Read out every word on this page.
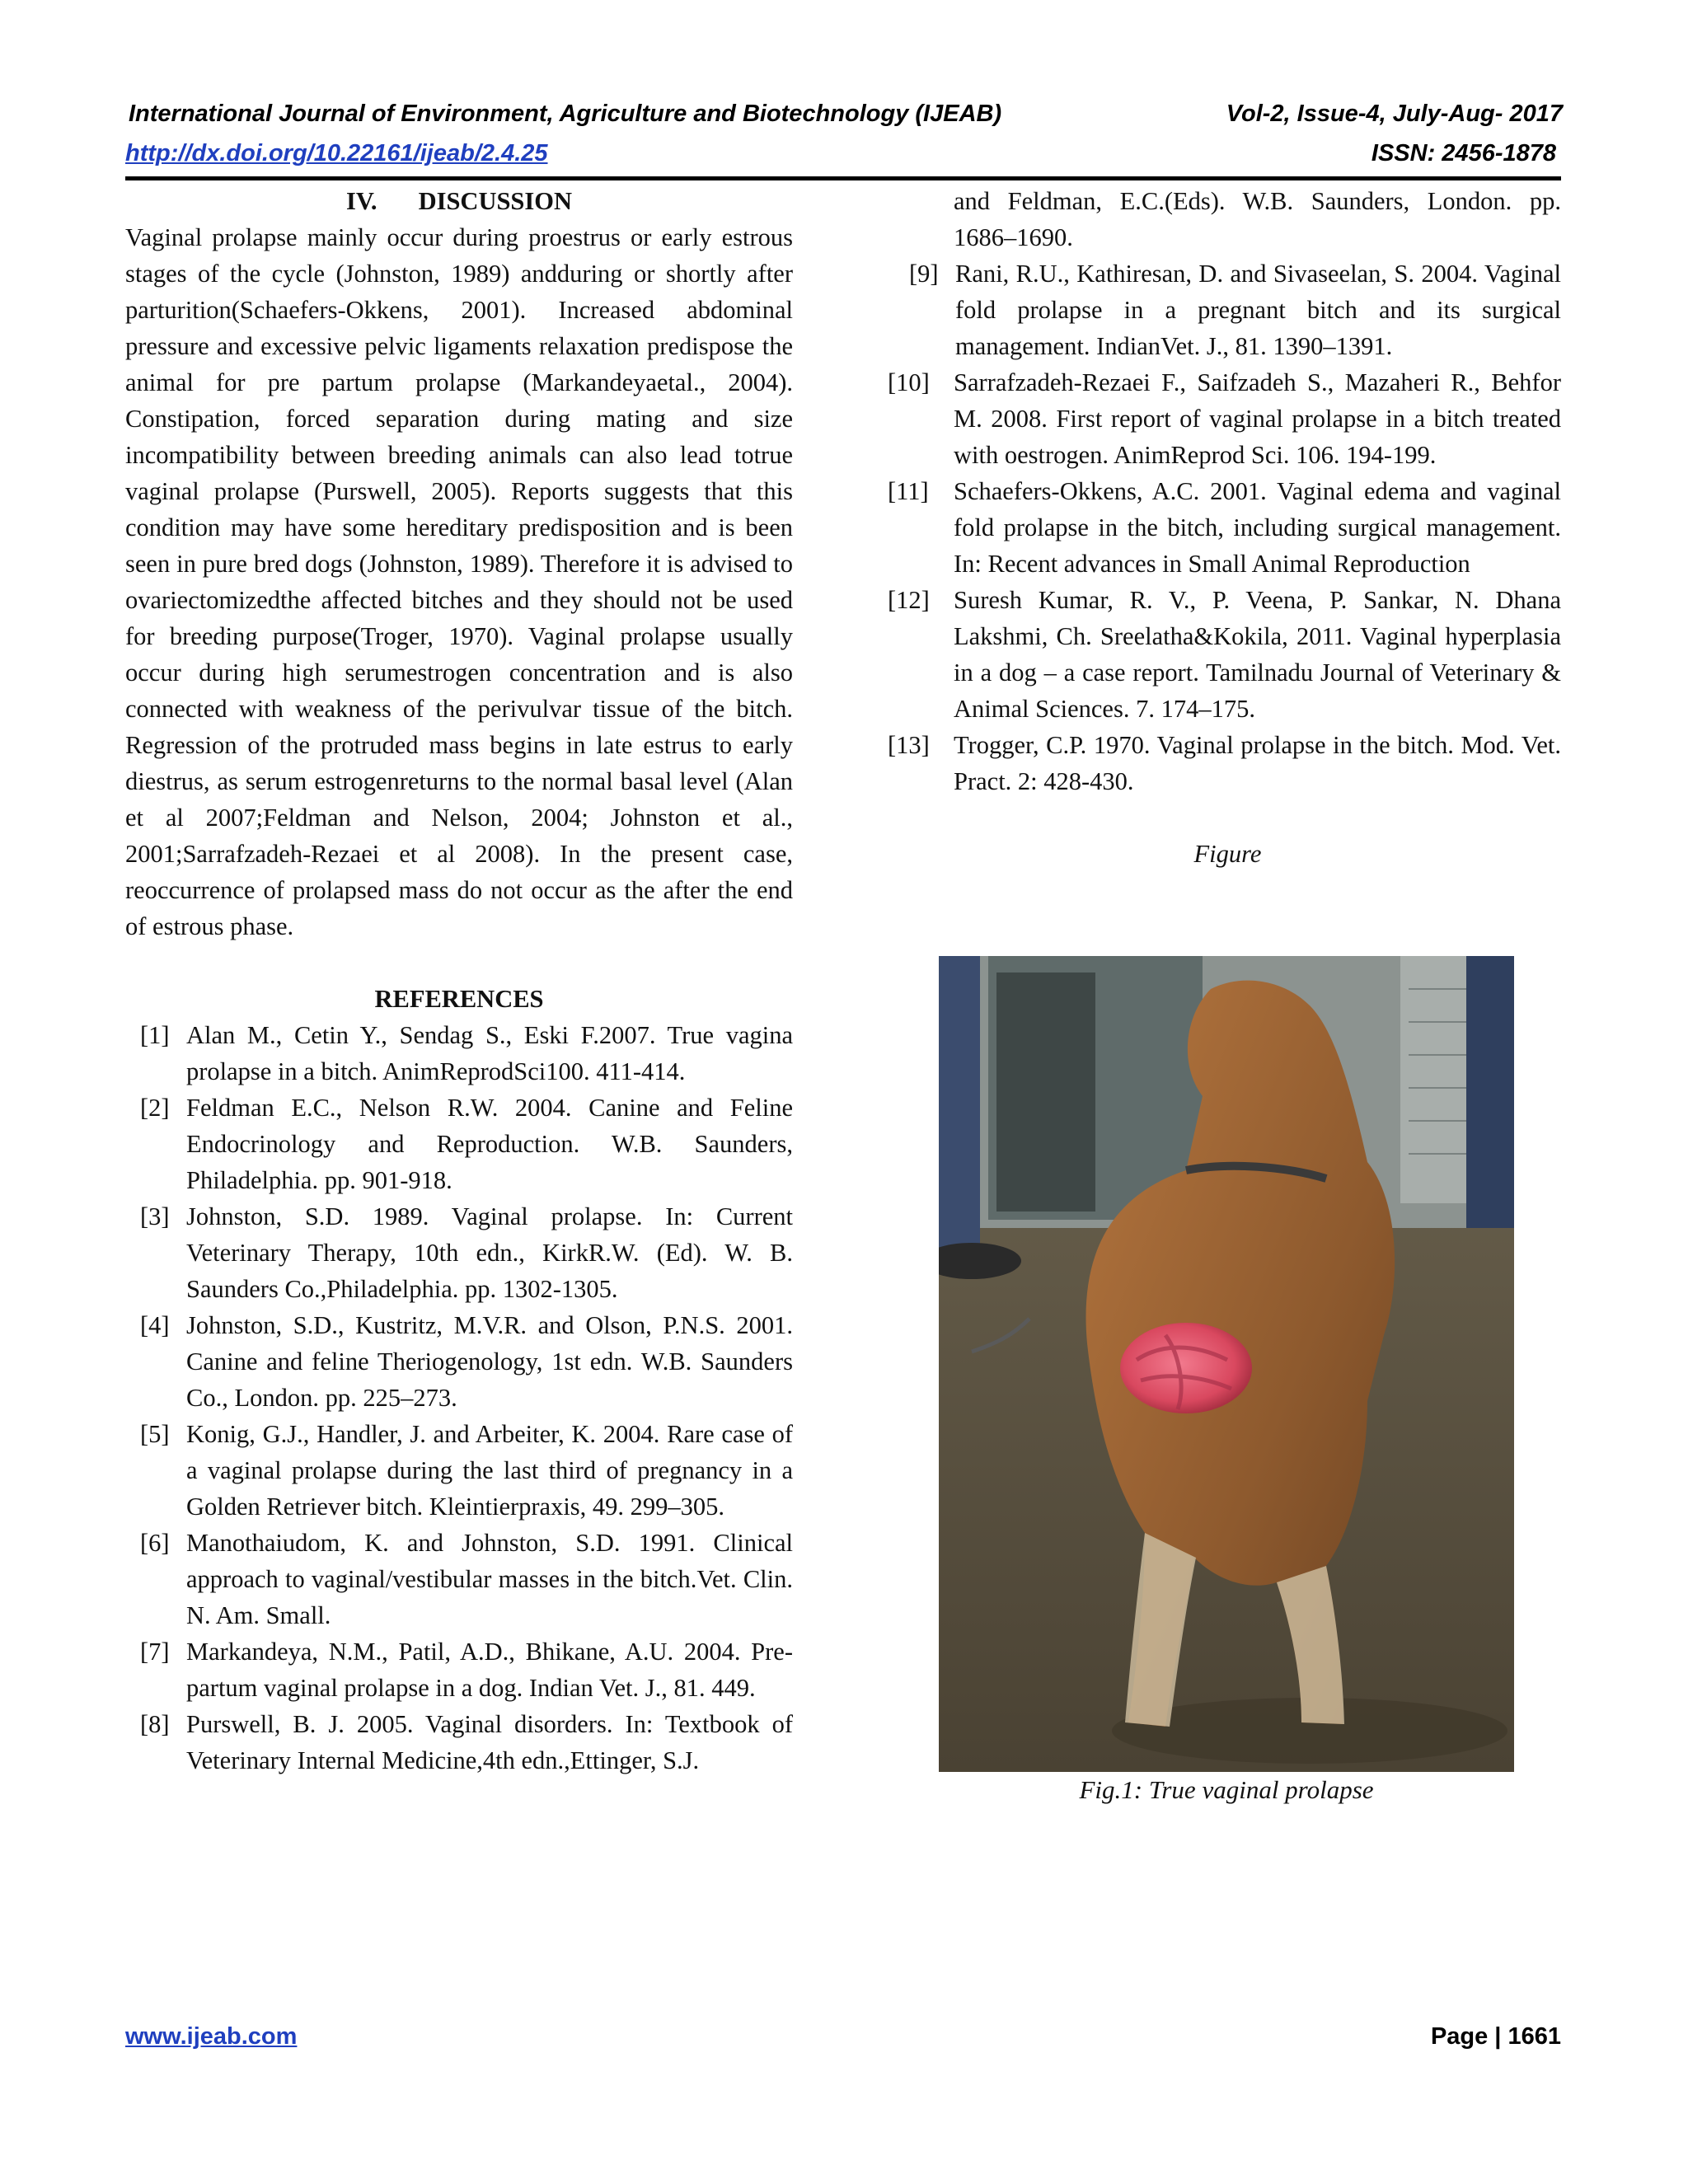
International Journal of Environment, Agriculture and Biotechnology (IJEAB)	Vol-2, Issue-4, July-Aug- 2017
http://dx.doi.org/10.22161/ijeab/2.4.25	ISSN: 2456-1878
IV. DISCUSSION

Vaginal prolapse mainly occur during proestrus or early estrous stages of the cycle (Johnston, 1989) andduring or shortly after parturition(Schaefers-Okkens, 2001). Increased abdominal pressure and excessive pelvic ligaments relaxation predispose the animal for pre partum prolapse (Markandeyaetal., 2004). Constipation, forced separation during mating and size incompatibility between breeding animals can also lead totrue vaginal prolapse (Purswell, 2005). Reports suggests that this condition may have some hereditary predisposition and is been seen in pure bred dogs (Johnston, 1989). Therefore it is advised to ovariectomizedthe affected bitches and they should not be used for breeding purpose(Troger, 1970). Vaginal prolapse usually occur during high serumestrogen concentration and is also connected with weakness of the perivulvar tissue of the bitch. Regression of the protruded mass begins in late estrus to early diestrus, as serum estrogenreturns to the normal basal level (Alan et al 2007;Feldman and Nelson, 2004; Johnston et al., 2001;Sarrafzadeh-Rezaei et al 2008). In the present case, reoccurrence of prolapsed mass do not occur as the after the end of estrous phase.

REFERENCES
[1] Alan M., Cetin Y., Sendag S., Eski F.2007. True vagina prolapse in a bitch. AnimReprodSci100. 411-414.
[2] Feldman E.C., Nelson R.W. 2004. Canine and Feline Endocrinology and Reproduction. W.B. Saunders, Philadelphia. pp. 901-918.
[3] Johnston, S.D. 1989. Vaginal prolapse. In: Current Veterinary Therapy, 10th edn., KirkR.W. (Ed). W. B. Saunders Co.,Philadelphia. pp. 1302-1305.
[4] Johnston, S.D., Kustritz, M.V.R. and Olson, P.N.S. 2001. Canine and feline Theriogenology, 1st edn. W.B. Saunders Co., London. pp. 225–273.
[5] Konig, G.J., Handler, J. and Arbeiter, K. 2004. Rare case of a vaginal prolapse during the last third of pregnancy in a Golden Retriever bitch. Kleintierpraxis, 49. 299–305.
[6] Manothaiudom, K. and Johnston, S.D. 1991. Clinical approach to vaginal/vestibular masses in the bitch.Vet. Clin. N. Am. Small.
[7] Markandeya, N.M., Patil, A.D., Bhikane, A.U. 2004. Pre-partum vaginal prolapse in a dog. Indian Vet. J., 81. 449.
[8] Purswell, B. J. 2005. Vaginal disorders. In: Textbook of Veterinary Internal Medicine,4th edn.,Ettinger, S.J.
and Feldman, E.C.(Eds). W.B. Saunders, London. pp. 1686–1690.
[9] Rani, R.U., Kathiresan, D. and Sivaseelan, S. 2004. Vaginal fold prolapse in a pregnant bitch and its surgical management. IndianVet. J., 81. 1390–1391.
[10] Sarrafzadeh-Rezaei F., Saifzadeh S., Mazaheri R., Behfor M. 2008. First report of vaginal prolapse in a bitch treated with oestrogen. AnimReprod Sci. 106. 194-199.
[11] Schaefers-Okkens, A.C. 2001. Vaginal edema and vaginal fold prolapse in the bitch, including surgical management. In: Recent advances in Small Animal Reproduction
[12] Suresh Kumar, R. V., P. Veena, P. Sankar, N. Dhana Lakshmi, Ch. Sreelatha&Kokila, 2011. Vaginal hyperplasia in a dog – a case report. Tamilnadu Journal of Veterinary & Animal Sciences. 7. 174–175.
[13] Trogger, C.P. 1970. Vaginal prolapse in the bitch. Mod. Vet. Pract. 2: 428-430.
Figure
Fig.1: True vaginal prolapse
www.ijeab.com	Page | 1661
